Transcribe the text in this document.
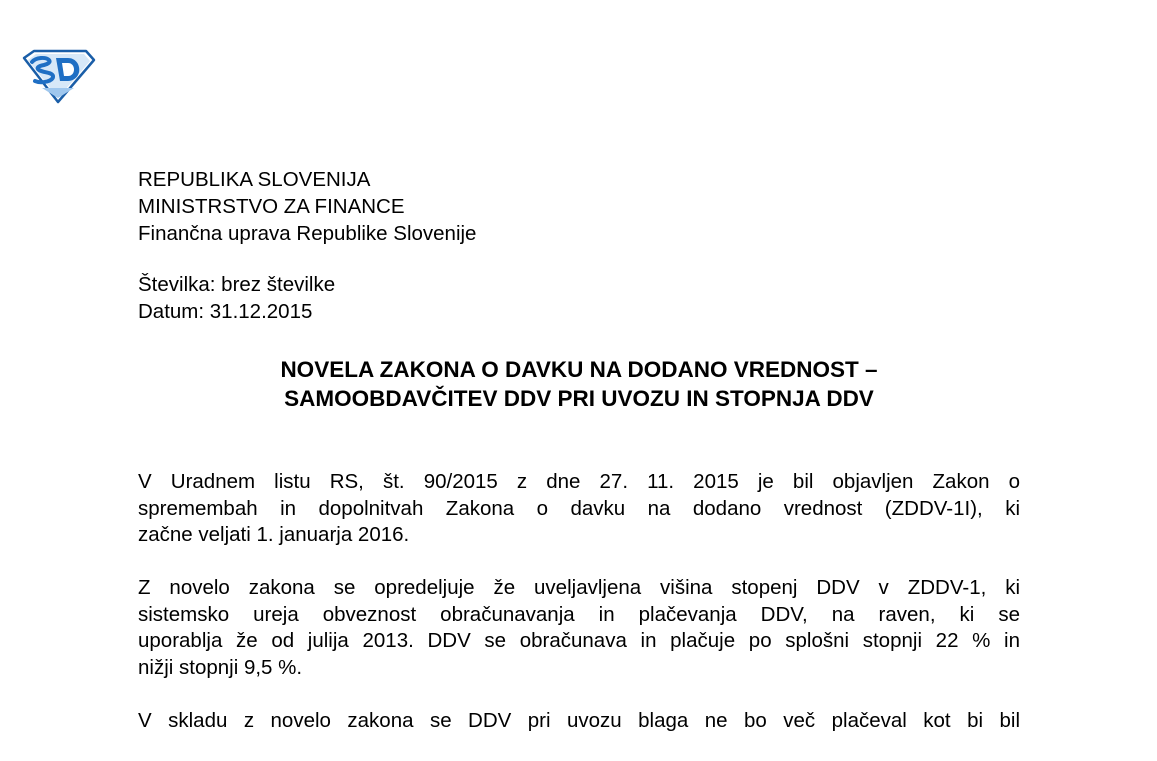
REPUBLIKA SLOVENIJA
MINISTRSTVO ZA FINANCE
Finančna uprava Republike Slovenije
Številka: brez številke
Datum: 31.12.2015
NOVELA ZAKONA O DAVKU NA DODANO VREDNOST –
SAMOOBDAVČITEV DDV PRI UVOZU IN STOPNJA DDV

V Uradnem listu RS, št. 90/2015 z dne 27. 11. 2015 je bil objavljen Zakon o
spremembah in dopolnitvah Zakona o davku na dodano vrednost (ZDDV-1I), ki
začne veljati 1. januarja 2016.

Z novelo zakona se opredeljuje že uveljavljena višina stopenj DDV v ZDDV-1, ki
sistemsko ureja obveznost obračunavanja in plačevanja DDV, na raven, ki se
uporablja že od julija 2013. DDV se obračunava in plačuje po splošni stopnji 22 % in
nižji stopnji 9,5 %.

V skladu z novelo zakona se DDV pri uvozu blaga ne bo več plačeval kot bi bil
